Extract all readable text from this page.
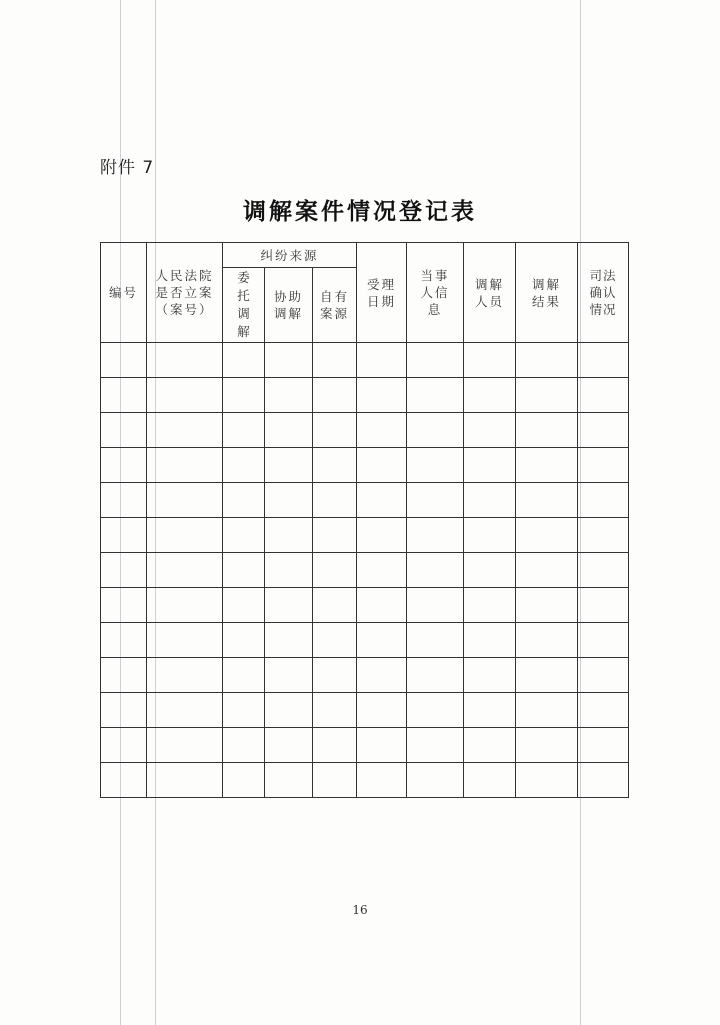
附件 7
调解案件情况登记表
编号	人民法院是否立案（案号）	纠纷来源			受理日期	当事人信息	调解人员	调解结果	司法确认情况
		委托调解	协助调解	自有案源					

16
